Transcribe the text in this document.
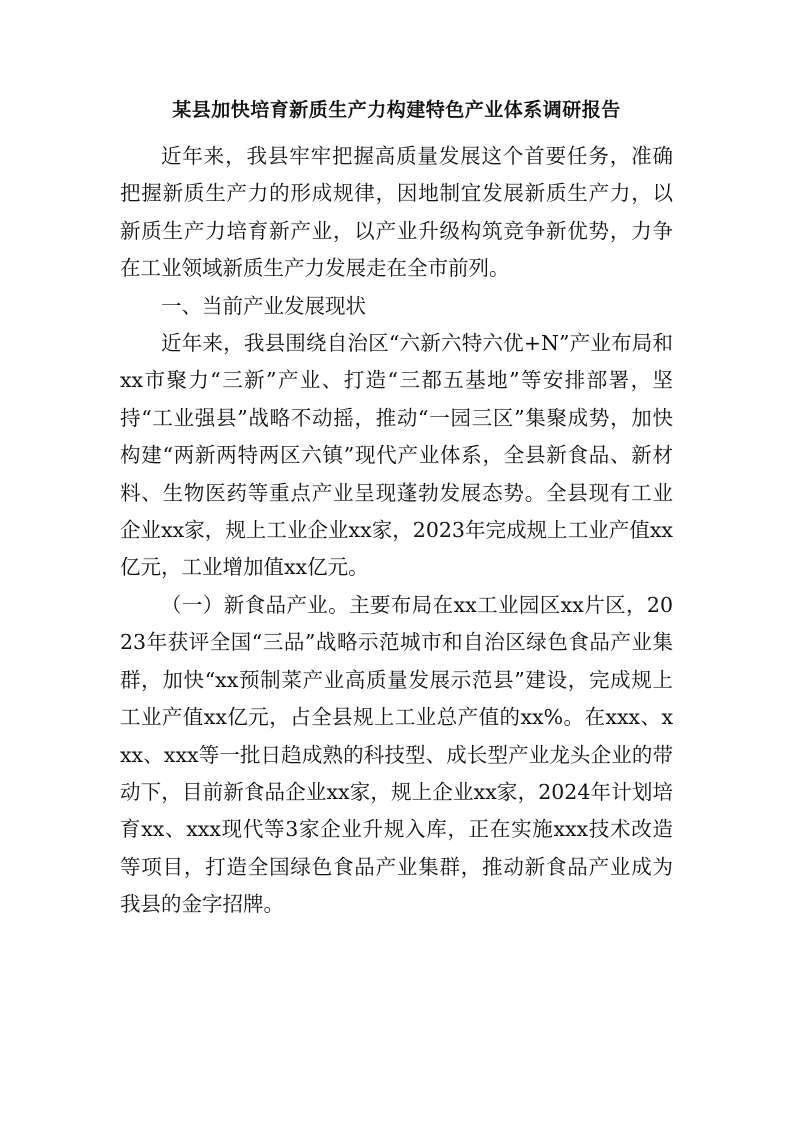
某县加快培育新质生产力构建特色产业体系调研报告

近年来，我县牢牢把握高质量发展这个首要任务，准确把握新质生产力的形成规律，因地制宜发展新质生产力，以新质生产力培育新产业，以产业升级构筑竞争新优势，力争在工业领域新质生产力发展走在全市前列。

一、当前产业发展现状

近年来，我县围绕自治区“六新六特六优+N”产业布局和xx市聚力“三新”产业、打造“三都五基地”等安排部署，坚持“工业强县”战略不动摇，推动“一园三区”集聚成势，加快构建“两新两特两区六镇”现代产业体系，全县新食品、新材料、生物医药等重点产业呈现蓬勃发展态势。全县现有工业企业xx家，规上工业企业xx家，2023年完成规上工业产值xx亿元，工业增加值xx亿元。

（一）新食品产业。主要布局在xx工业园区xx片区，2023年获评全国“三品”战略示范城市和自治区绿色食品产业集群，加快“xx预制菜产业高质量发展示范县”建设，完成规上工业产值xx亿元，占全县规上工业总产值的xx%。在xxx、xxx、xxx等一批日趋成熟的科技型、成长型产业龙头企业的带动下，目前新食品企业xx家，规上企业xx家，2024年计划培育xx、xxx现代等3家企业升规入库，正在实施xxx技术改造等项目，打造全国绿色食品产业集群，推动新食品产业成为我县的金字招牌。
